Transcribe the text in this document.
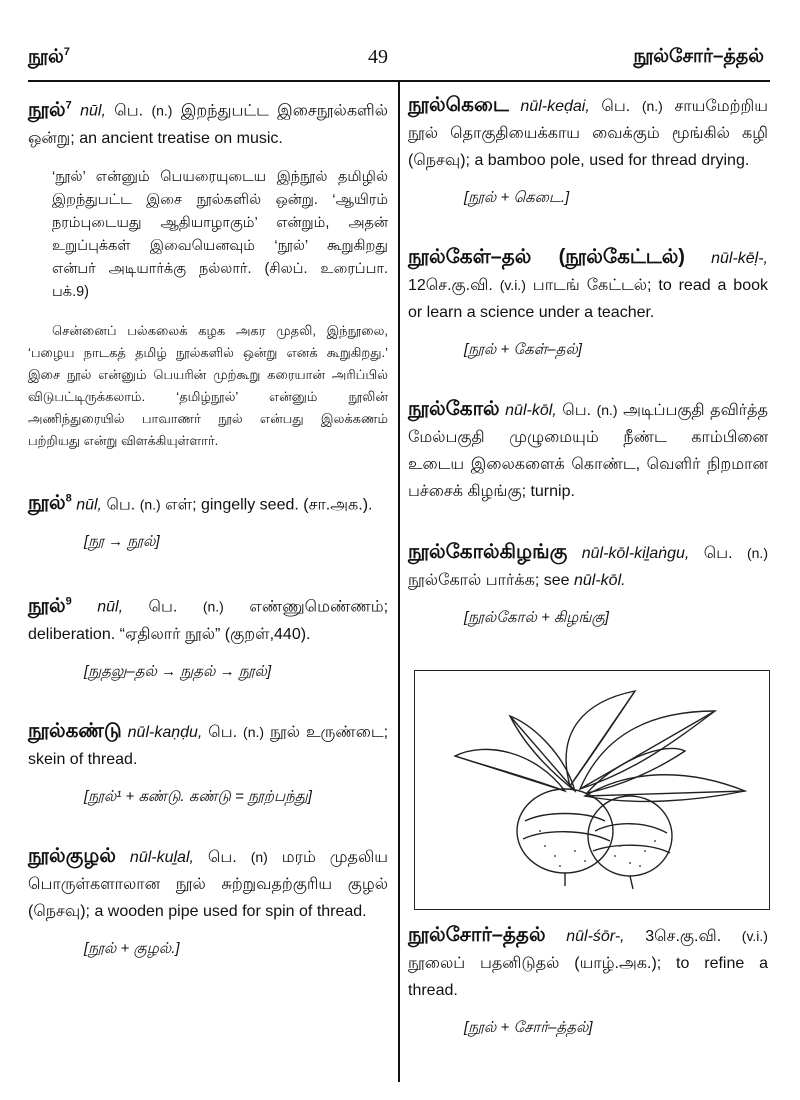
நூல்$^7$	49	நூல்சோர்–த்தல்

நூல்$^7$ nūl, பெ. (n.) இறந்துபட்ட இசைநூல்களில் ஒன்று; an ancient treatise on music.

‘நூல்’ என்னும் பெயரையுடைய இந்நூல் தமிழில் இறந்துபட்ட இசை நூல்களில் ஒன்று. ‘ஆயிரம் நரம்புடையது ஆதியாழாகும்’ என்றும், அதன் உறுப்புக்கள் இவையெனவும் ‘நூல்’ கூறுகிறது என்பர் அடியார்க்கு நல்லார். (சிலப். உரைப்பா. பக்.9)

சென்னைப் பல்கலைக் கழக அகர முதலி, இந்நூலை, ‘பழைய நாடகத் தமிழ் நூல்களில் ஒன்று எனக் கூறுகிறது.’ இசை நூல் என்னும் பெயரின் முற்கூறு கரையான் அரிப்பில் விடுபட்டிருக்கலாம். ‘தமிழ்நூல்’ என்னும் நூலின் அணிந்துரையில் பாவாணர் நூல் என்பது இலக்கணம் பற்றியது என்று விளக்கியுள்ளார்.

நூல்$^8$ nūl, பெ. (n.) எள்; gingelly seed. (சா.அக.).

[நூ → நூல்]

நூல்$^9$ nūl, பெ. (n.) எண்ணுமெண்ணம்; deliberation. “ஏதிலார் நூல்” (குறள்,440).

[நுதலு–தல் → நுதல் → நூல்]

நூல்கண்டு nūl-kaṇḍu, பெ. (n.) நூல் உருண்டை; skein of thread.

[நூல்¹ + கண்டு. கண்டு = நூற்பந்து]

நூல்குழல் nūl-kuḻal, பெ. (n) மரம் முதலிய பொருள்களாலான நூல் சுற்றுவதற்குரிய குழல் (நெசவு); a wooden pipe used for spin of thread.

[நூல் + குழல்.]

நூல்கெடை nūl-keḍai, பெ. (n.) சாயமேற்றிய நூல் தொகுதியைக்காய வைக்கும் மூங்கில் கழி (நெசவு); a bamboo pole, used for thread drying.

[நூல் + கெடை.]

நூல்கேள்–தல் (நூல்கேட்டல்) nūl-kēḷ-, 12செ.கு.வி. (v.i.) பாடங் கேட்டல்; to read a book or learn a science under a teacher.

[நூல் + கேள்–தல்]

நூல்கோல் nūl-kōl, பெ. (n.) அடிப்பகுதி தவிர்த்த மேல்பகுதி முழுமையும் நீண்ட காம்பினை உடைய இலைகளைக் கொண்ட, வெளிர் நிறமான பச்சைக் கிழங்கு; turnip.

நூல்கோல்கிழங்கு nūl-kōl-kiḻaṅgu, பெ. (n.) நூல்கோல் பார்க்க; see nūl-kōl.

[நூல்கோல் + கிழங்கு]

நூல்சோர்–த்தல் nūl-śōr-, 3செ.கு.வி. (v.i.) நூலைப் பதனிடுதல் (யாழ்.அக.); to refine a thread.

[நூல் + சோர்–த்தல்]
